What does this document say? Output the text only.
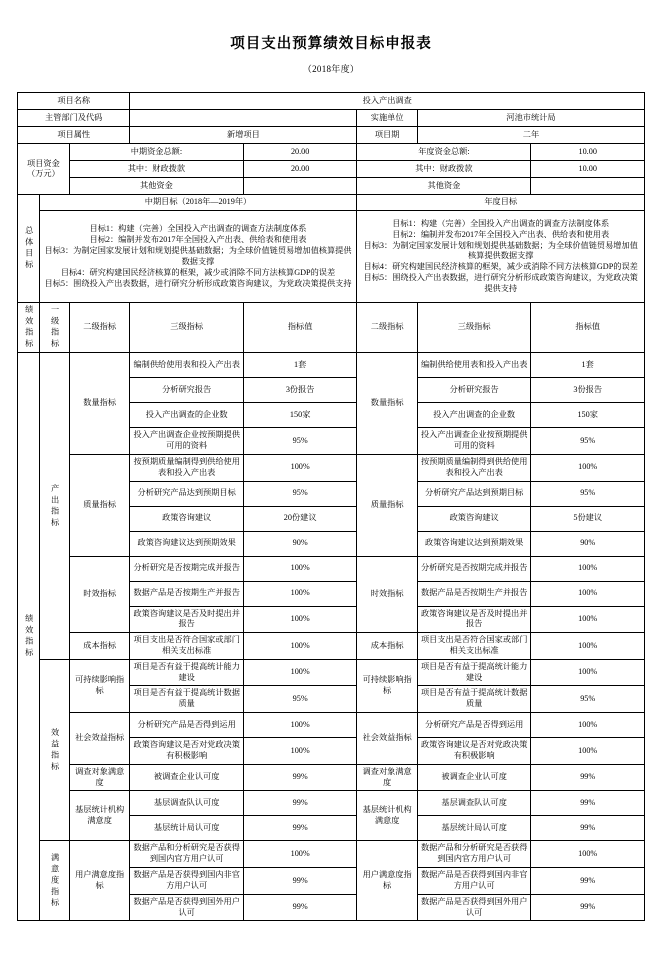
项目支出预算绩效目标申报表
（2018年度）
项目名称			投入产出调查				
主管部门及代码					实施单位	河池市统计局	
项目属性			新增项目		项目期	二年	

项目资金
（万元）		中期资金总额:		20.00	年度资金总额:		10.00
		其中：财政拨款		20.00	其中：财政拨款		10.00
		其他资金			其他资金		
总体目标	中期目标（2018年—2019年）				年度目标		

	目标1：构建（完善）全国投入产出调查的调查方法制度体系
目标2：编制并发布2017年全国投入产出表、供给表和使用表
目标3：为制定国家发展计划和规划提供基础数据；为全球价值链贸易增加值核算提供数据支撑
目标4：研究构建国民经济核算的框架，减少或消除不同方法核算GDP的误差
目标5：围绕投入产出表数据，进行研究分析形成政策咨询建议，为党政决策提供支持				目标1：构建（完善）全国投入产出调查的调查方法制度体系
目标2：编制并发布2017年全国投入产出表、供给表和使用表
目标3：为制定国家发展计划和规划提供基础数据；为全球价值链贸易增加值核算提供数据支撑
目标4：研究构建国民经济核算的框架，减少或消除不同方法核算GDP的误差
目标5：围绕投入产出表数据，进行研究分析形成政策咨询建议，为党政决策提供支持		

绩效指标	一级指标	二级指标	三级指标	指标值	二级指标	三级指标	指标值
绩效指标	产出指标	数量指标	编制供给使用表和投入产出表	1套	数量指标	编制供给使用表和投入产出表	1套
			分析研究报告	3份报告		分析研究报告	3份报告
			投入产出调查的企业数	150家		投入产出调查的企业数	150家
			投入产出调查企业按预期提供可用的资料	95%		投入产出调查企业按预期提供可用的资料	95%
		质量指标	按预期质量编制得到供给使用表和投入产出表	100%	质量指标	按预期质量编制得到供给使用表和投入产出表	100%
			分析研究产品达到预期目标	95%		分析研究产品达到预期目标	95%
			政策咨询建议	20份建议		政策咨询建议	5份建议
			政策咨询建议达到预期效果	90%		政策咨询建议达到预期效果	90%
		时效指标	分析研究是否按期完成并报告	100%	时效指标	分析研究是否按期完成并报告	100%
			数据产品是否按期生产并报告	100%		数据产品是否按期生产并报告	100%
			政策咨询建议是否及时提出并报告	100%		政策咨询建议是否及时提出并报告	100%
		成本指标	项目支出是否符合国家或部门相关支出标准	100%	成本指标	项目支出是否符合国家或部门相关支出标准	100%
	效益指标	可持续影响指标	项目是否有益于提高统计能力建设	100%	可持续影响指标	项目是否有益于提高统计能力建设	100%
			项目是否有益于提高统计数据质量	95%		项目是否有益于提高统计数据质量	95%
		社会效益指标	分析研究产品是否得到运用	100%	社会效益指标	分析研究产品是否得到运用	100%
			政策咨询建议是否对党政决策有积极影响	100%		政策咨询建议是否对党政决策有积极影响	100%
		调查对象满意度	被调查企业认可度	99%	调查对象满意度	被调查企业认可度	99%
		基层统计机构满意度	基层调查队认可度	99%	基层统计机构满意度	基层调查队认可度	99%
			基层统计局认可度	99%		基层统计局认可度	99%
	满意度指标	用户满意度指标	数据产品和分析研究是否获得到国内官方用户认可	100%	用户满意度指标	数据产品和分析研究是否获得到国内官方用户认可	100%
			数据产品是否获得到国内非官方用户认可	99%		数据产品是否获得到国内非官方用户认可	99%
			数据产品是否获得到国外用户认可	99%		数据产品是否获得到国外用户认可	99%
